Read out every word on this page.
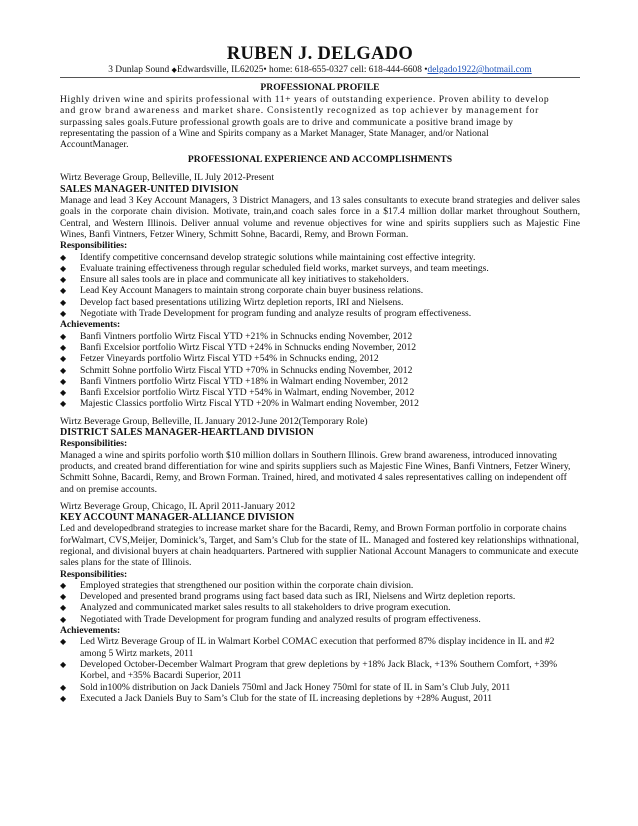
RUBEN J. DELGADO
3 Dunlap Sound ◆Edwardsville, IL62025• home: 618-655-0327 cell: 618-444-6608 •delgado1922@hotmail.com
PROFESSIONAL PROFILE
Highly driven wine and spirits professional with 11+ years of outstanding experience. Proven ability to develop
and grow brand awareness and market share. Consistently recognized as top achiever by management for
surpassing sales goals.Future professional growth goals are to drive and communicate a positive brand image by
representating the passion of a Wine and Spirits company as a Market Manager, State Manager, and/or National
AccountManager.
PROFESSIONAL EXPERIENCE AND ACCOMPLISHMENTS
Wirtz Beverage Group, Belleville, IL July 2012-Present
SALES MANAGER-UNITED DIVISION
Manage and lead 3 Key Account Managers, 3 District Managers, and 13 sales consultants to execute brand strategies and deliver sales goals in the corporate chain division. Motivate, train,and coach sales force in a $17.4 million dollar market throughout Southern, Central, and Western Illinois. Deliver annual volume and revenue objectives for wine and spirits suppliers such as Majestic Fine Wines, Banfi Vintners, Fetzer Winery, Schmitt Sohne, Bacardi, Remy, and Brown Forman.
Responsibilities:
◆ Identify competitive concernsand develop strategic solutions while maintaining cost effective integrity.
◆ Evaluate training effectiveness through regular scheduled field works, market surveys, and team meetings.
◆ Ensure all sales tools are in place and communicate all key initiatives to stakeholders.
◆ Lead Key Account Managers to maintain strong corporate chain buyer business relations.
◆ Develop fact based presentations utilizing Wirtz depletion reports, IRI and Nielsens.
◆ Negotiate with Trade Development for program funding and analyze results of program effectiveness.
Achievements:
◆ Banfi Vintners portfolio Wirtz Fiscal YTD +21% in Schnucks ending November, 2012
◆ Banfi Excelsior portfolio Wirtz Fiscal YTD +24% in Schnucks ending November, 2012
◆ Fetzer Vineyards portfolio Wirtz Fiscal YTD +54% in Schnucks ending, 2012
◆ Schmitt Sohne portfolio Wirtz Fiscal YTD +70% in Schnucks ending November, 2012
◆ Banfi Vintners portfolio Wirtz Fiscal YTD +18% in Walmart ending November, 2012
◆ Banfi Excelsior portfolio Wirtz Fiscal YTD +54% in Walmart, ending November, 2012
◆ Majestic Classics portfolio Wirtz Fiscal YTD +20% in Walmart ending November, 2012
Wirtz Beverage Group, Belleville, IL January 2012-June 2012(Temporary Role)
DISTRICT SALES MANAGER-HEARTLAND DIVISION
Responsibilities:
Managed a wine and spirits porfolio worth $10 million dollars in Southern Illinois. Grew brand awareness, introduced innovating products, and created brand differentiation for wine and spirits suppliers such as Majestic Fine Wines, Banfi Vintners, Fetzer Winery, Schmitt Sohne, Bacardi, Remy, and Brown Forman. Trained, hired, and motivated 4 sales representatives calling on independent off and on premise accounts.
Wirtz Beverage Group, Chicago, IL April 2011-January 2012
KEY ACCOUNT MANAGER-ALLIANCE DIVISION
Led and developedbrand strategies to increase market share for the Bacardi, Remy, and Brown Forman portfolio in corporate chains forWalmart, CVS,Meijer, Dominick’s, Target, and Sam’s Club for the state of IL. Managed and fostered key relationships withnational, regional, and divisional buyers at chain headquarters. Partnered with supplier National Account Managers to communicate and execute sales plans for the state of Illinois.
Responsibilities:
◆ Employed strategies that strengthened our position within the corporate chain division.
◆ Developed and presented brand programs using fact based data such as IRI, Nielsens and Wirtz depletion reports.
◆ Analyzed and communicated market sales results to all stakeholders to drive program execution.
◆ Negotiated with Trade Development for program funding and analyzed results of program effectiveness.
Achievements:
◆ Led Wirtz Beverage Group of IL in Walmart Korbel COMAC execution that performed 87% display incidence in IL and #2 among 5 Wirtz markets, 2011
◆ Developed October-December Walmart Program that grew depletions by +18% Jack Black, +13% Southern Comfort, +39% Korbel, and +35% Bacardi Superior, 2011
◆ Sold in100% distribution on Jack Daniels 750ml and Jack Honey 750ml for state of IL in Sam’s Club July, 2011
◆ Executed a Jack Daniels Buy to Sam’s Club for the state of IL increasing depletions by +28% August, 2011
